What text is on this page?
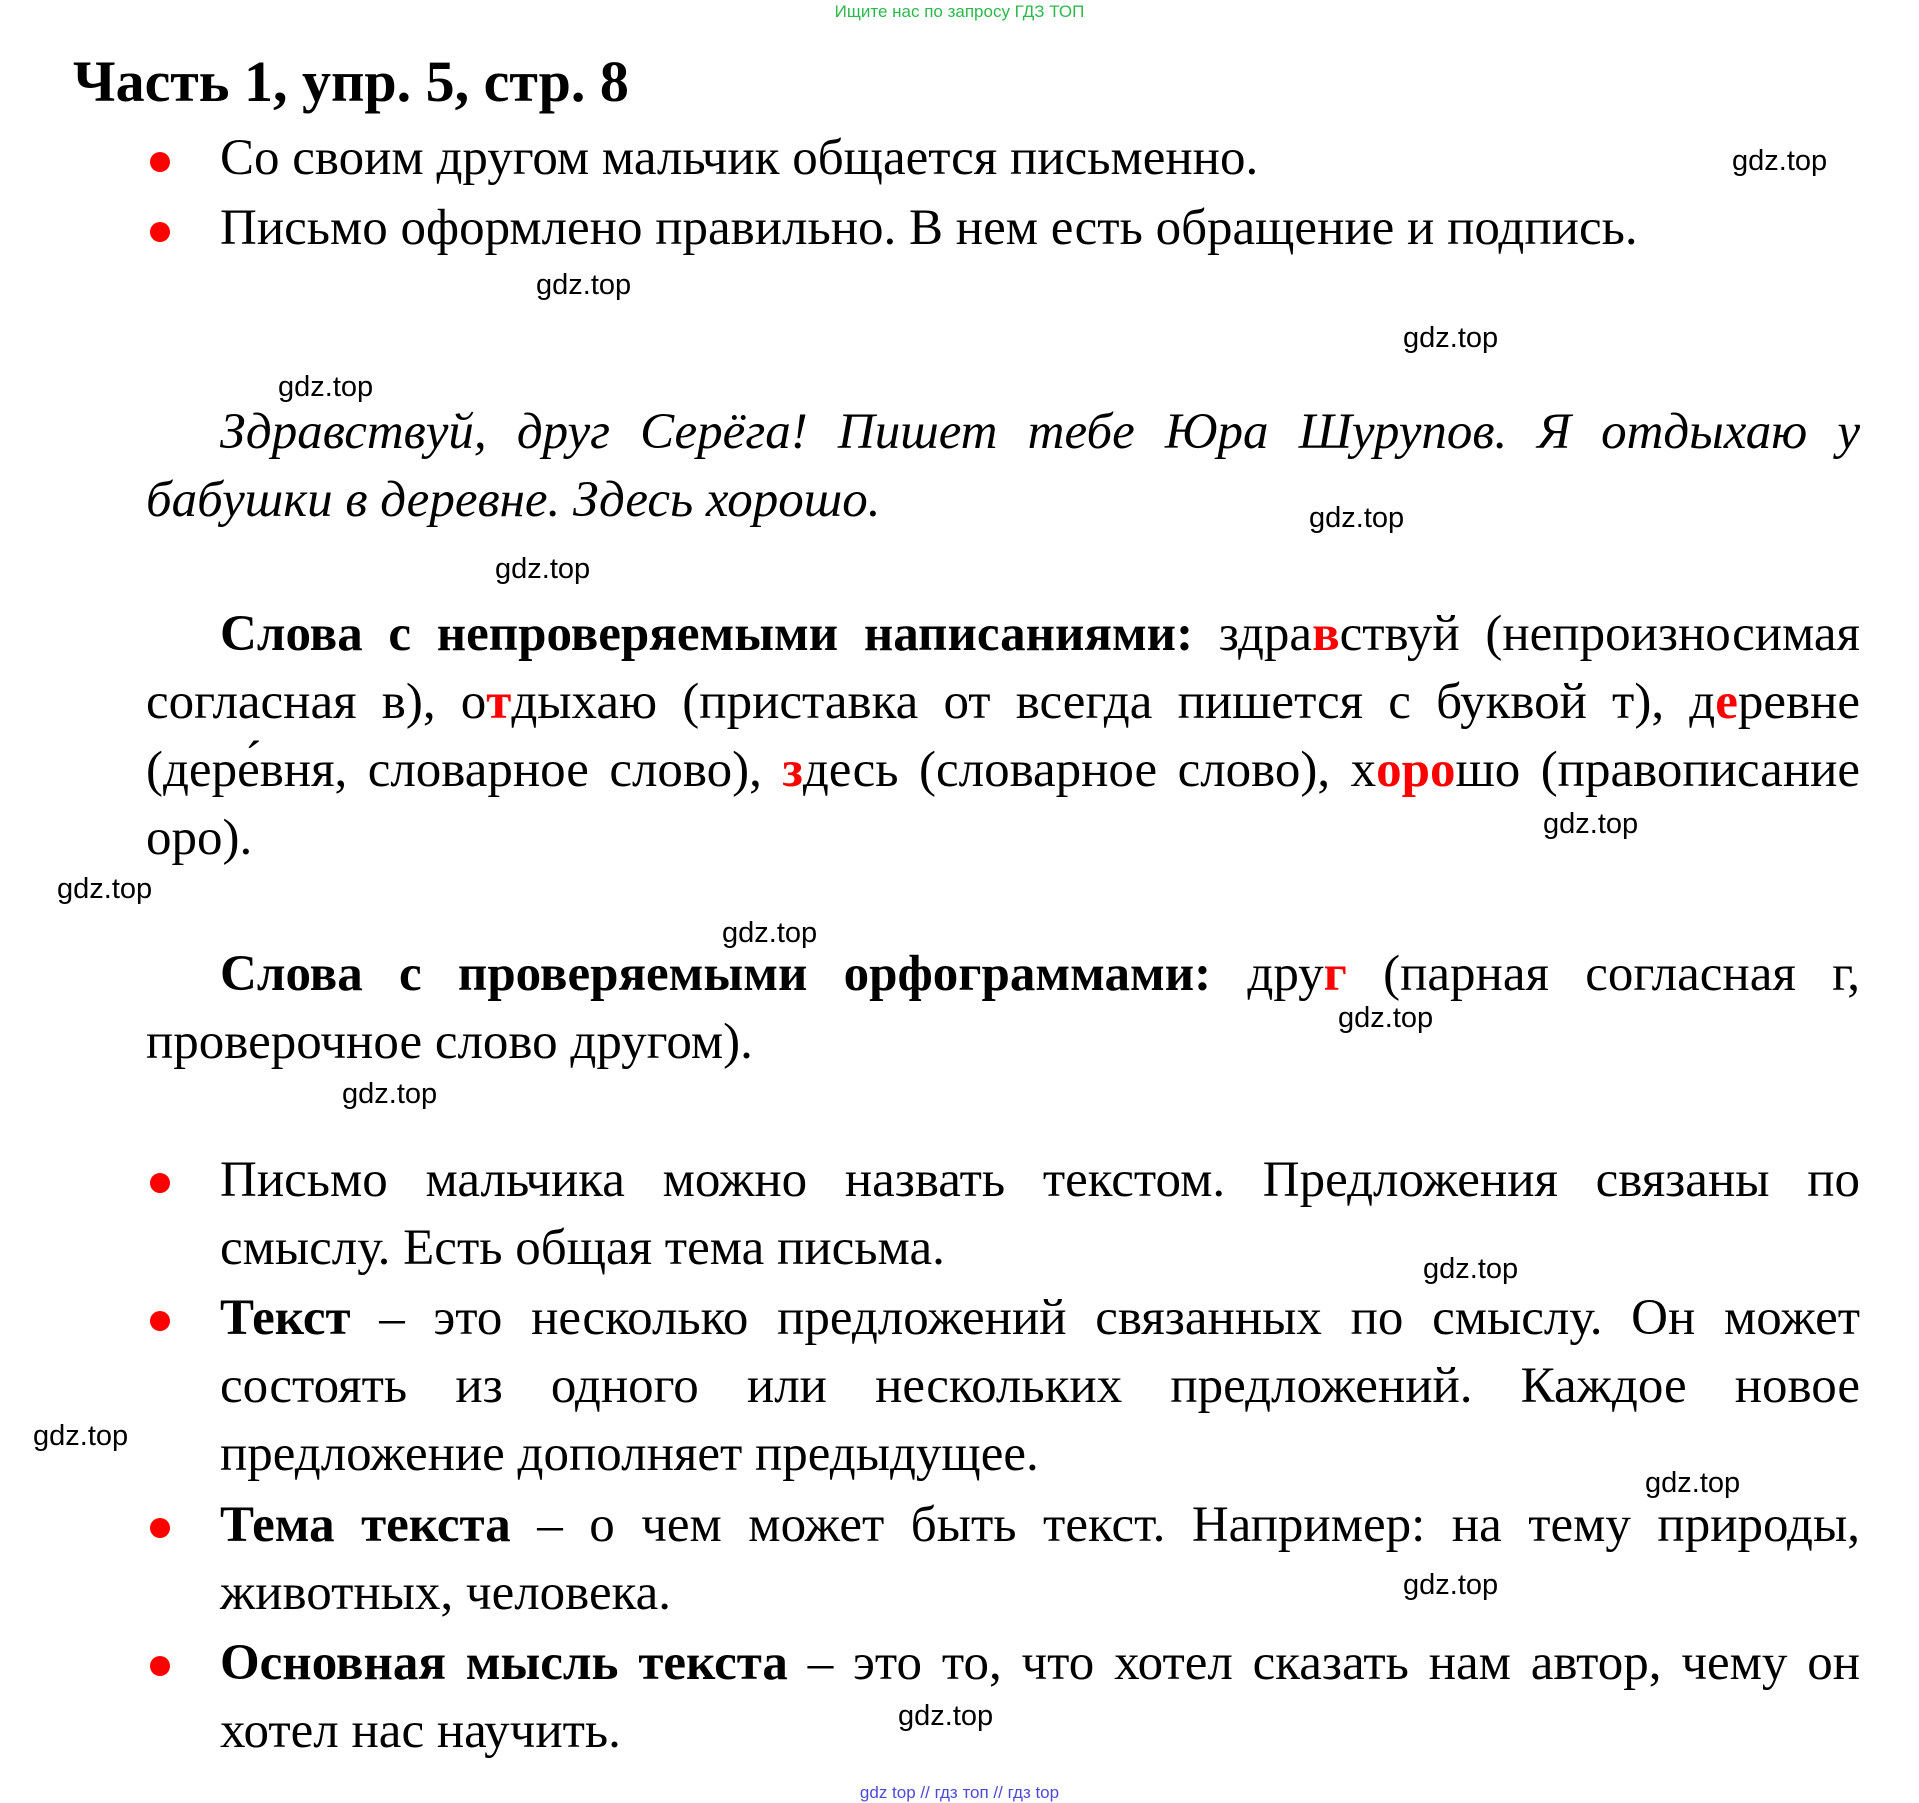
Ищите нас по запросу ГДЗ ТОП
Часть 1, упр. 5, стр. 8
Со своим другом мальчик общается письменно.
Письмо оформлено правильно. В нем есть обращение и подпись.
Здравствуй, друг Серёга! Пишет тебе Юра Шурупов. Я отдыхаю у бабушки в деревне. Здесь хорошо.
Слова с непроверяемыми написаниями: здравствуй (непроизносимая согласная в), отдыхаю (приставка от всегда пишется с буквой т), деревне (дере́вня, словарное слово), здесь (словарное слово), хорошо (правописание оро).
Слова с проверяемыми орфограммами: друг (парная согласная г, проверочное слово другом).
Письмо мальчика можно назвать текстом. Предложения связаны по смыслу. Есть общая тема письма.
Текст – это несколько предложений связанных по смыслу. Он может состоять из одного или нескольких предложений. Каждое новое предложение дополняет предыдущее.
Тема текста – о чем может быть текст. Например: на тему природы, животных, человека.
Основная мысль текста – это то, что хотел сказать нам автор, чему он хотел нас научить.
gdz.top
gdz.top
gdz.top
gdz.top
gdz.top
gdz.top
gdz.top
gdz.top
gdz.top
gdz.top
gdz.top
gdz.top
gdz.top
gdz.top
gdz.top
gdz.top
gdz top // гдз топ // гдз top
